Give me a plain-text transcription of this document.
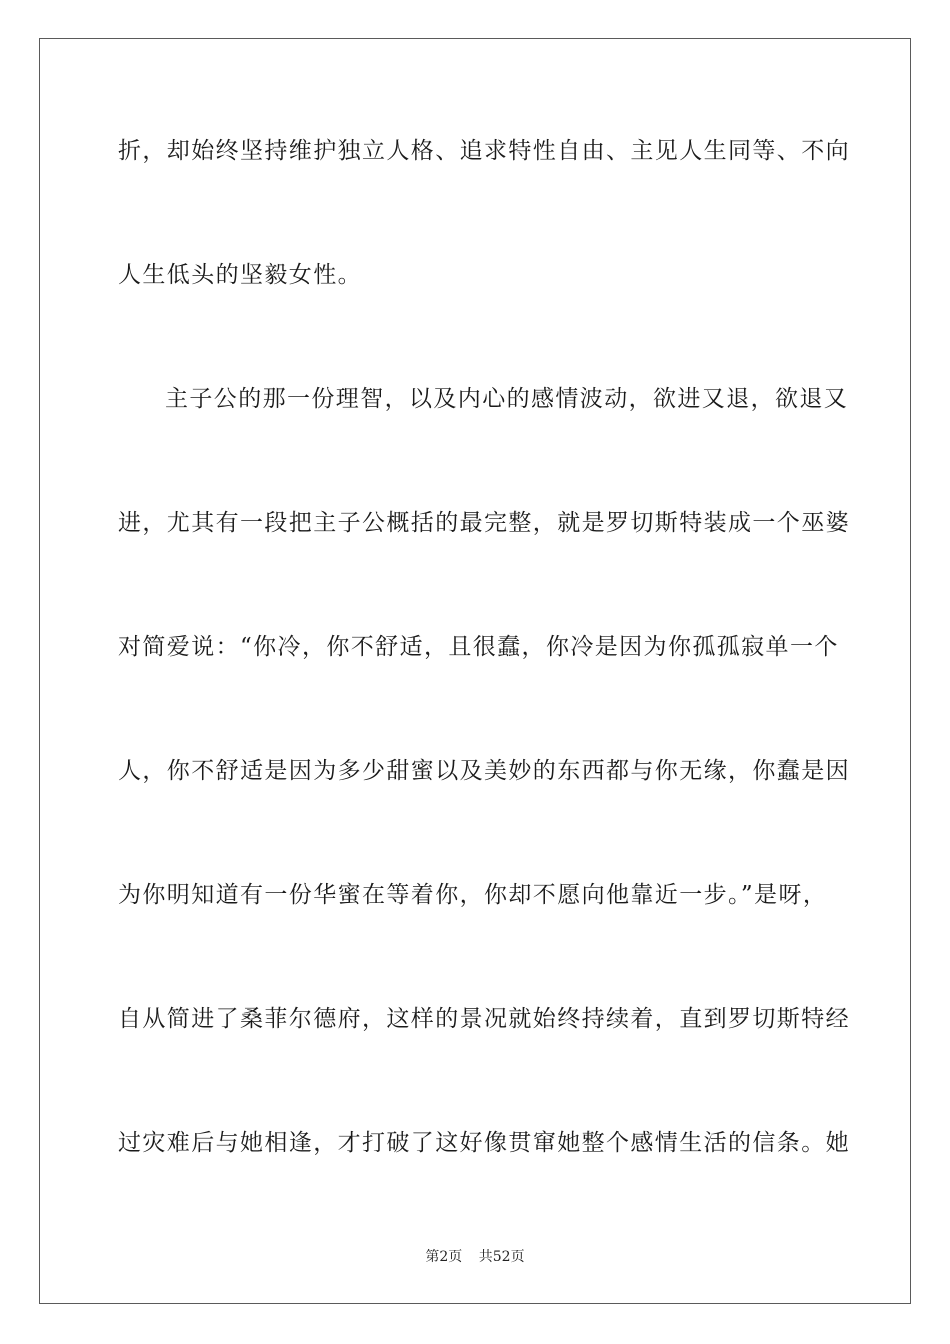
折，却始终坚持维护独立人格、追求特性自由、主见人生同等、不向
人生低头的坚毅女性。
主子公的那一份理智，以及内心的感情波动，欲进又退，欲退又
进，尤其有一段把主子公概括的最完整，就是罗切斯特装成一个巫婆
对简爱说：“你冷，你不舒适，且很蠢，你冷是因为你孤孤寂单一个
人，你不舒适是因为多少甜蜜以及美妙的东西都与你无缘，你蠢是因
为你明知道有一份华蜜在等着你，你却不愿向他靠近一步。”是呀，
自从简进了桑菲尔德府，这样的景况就始终持续着，直到罗切斯特经
过灾难后与她相逢，才打破了这好像贯窜她整个感情生活的信条。她
第2页 共52页
